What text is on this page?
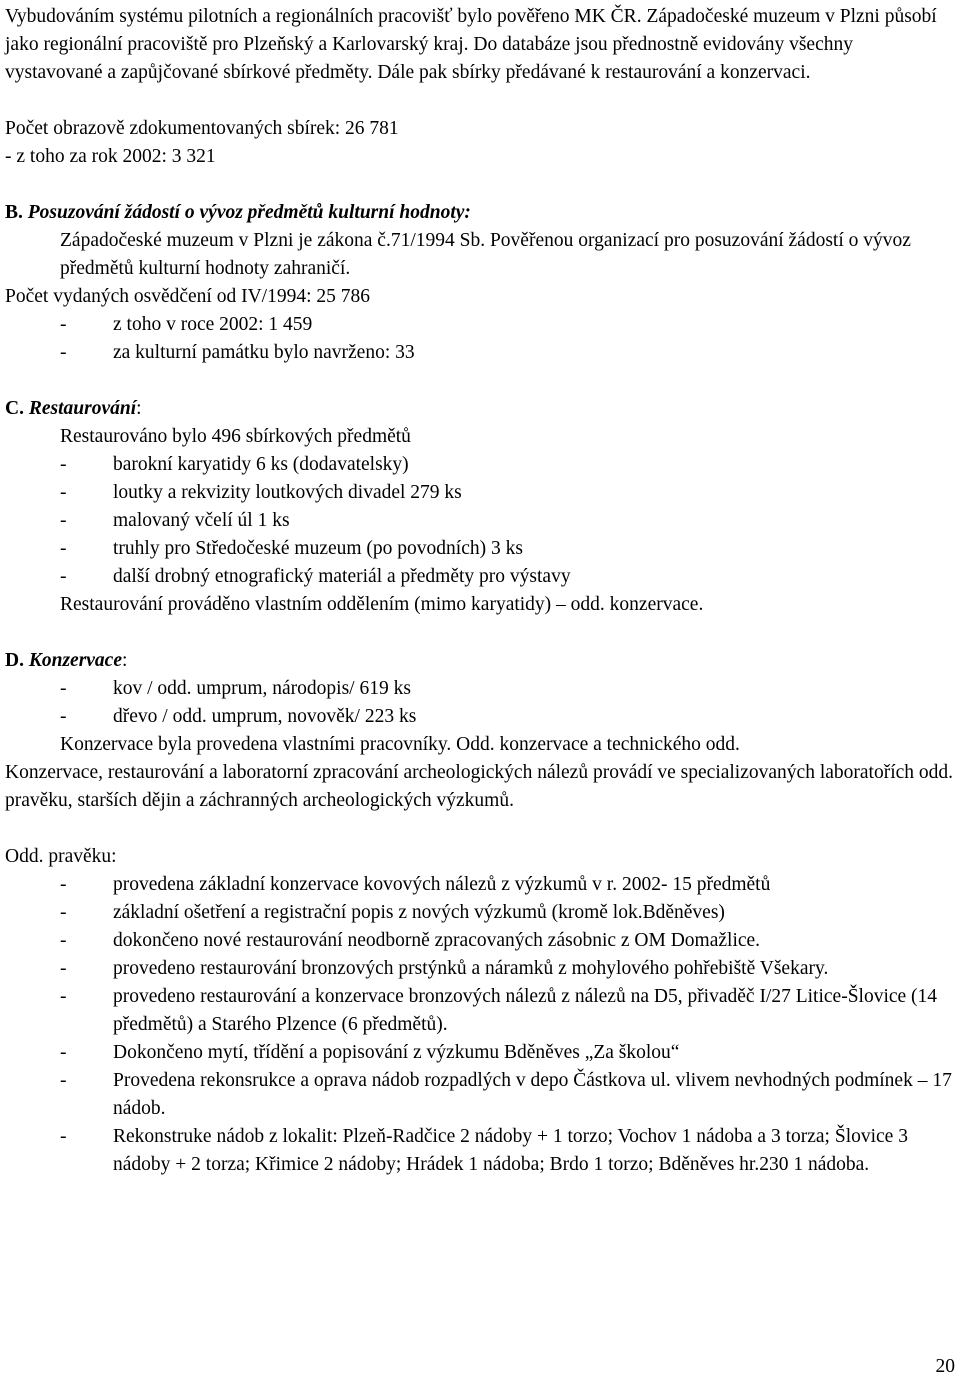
Vybudováním systému pilotních a regionálních pracovišť bylo pověřeno MK ČR. Západočeské muzeum v Plzni působí jako regionální pracoviště pro Plzeňský a Karlovarský kraj. Do databáze jsou přednostně evidovány všechny vystavované a zapůjčované sbírkové předměty. Dále pak sbírky předávané k restaurování a konzervaci.

Počet obrazově zdokumentovaných sbírek: 26 781

- z toho za rok 2002: 3 321

B. Posuzování žádostí o vývoz předmětů kulturní hodnoty:

Západočeské muzeum v Plzni je zákona č.71/1994 Sb. Pověřenou organizací pro posuzování žádostí o vývoz předmětů kulturní hodnoty zahraničí.

Počet vydaných osvědčení od IV/1994: 25 786

-	z toho v roce 2002: 1 459
-	za kulturní památku bylo navrženo: 33

C. Restaurování:

Restaurováno bylo 496 sbírkových předmětů

-	barokní karyatidy 6 ks (dodavatelsky)
-	loutky a rekvizity loutkových divadel 279 ks
-	malovaný včelí úl 1 ks
-	truhly pro Středočeské muzeum (po povodních) 3 ks
-	další drobný etnografický materiál a předměty pro výstavy

Restaurování prováděno vlastním oddělením (mimo karyatidy) – odd. konzervace.

D. Konzervace:

-	kov / odd. umprum, národopis/ 619 ks
-	dřevo / odd. umprum, novověk/ 223 ks

Konzervace byla provedena vlastními pracovníky. Odd. konzervace a technického odd.

Konzervace, restaurování a laboratorní zpracování archeologických nálezů provádí ve specializovaných laboratořích odd. pravěku, starších dějin a záchranných archeologických výzkumů.

Odd. pravěku:

-	provedena základní konzervace kovových nálezů z výzkumů v r. 2002- 15 předmětů
-	základní ošetření a registrační popis z nových výzkumů (kromě lok.Bděněves)
-	dokončeno nové restaurování neodborně zpracovaných zásobnic z OM Domažlice.
-	provedeno restaurování bronzových prstýnků a náramků z mohylového pohřebiště Všekary.
-	provedeno restaurování a konzervace bronzových nálezů z nálezů na D5, přivaděč I/27 Litice-Šlovice (14 předmětů) a Starého Plzence (6 předmětů).
-	Dokončeno mytí, třídění a popisování z výzkumu Bděněves „Za školou“
-	Provedena rekonsrukce a oprava nádob rozpadlých v depo Částkova ul. vlivem nevhodných podmínek – 17 nádob.
-	Rekonstruke nádob z lokalit: Plzeň-Radčice 2 nádoby + 1 torzo; Vochov 1 nádoba a 3 torza; Šlovice 3 nádoby + 2 torza; Křimice 2 nádoby; Hrádek 1 nádoba; Brdo 1 torzo; Bděněves hr.230 1 nádoba.
20
